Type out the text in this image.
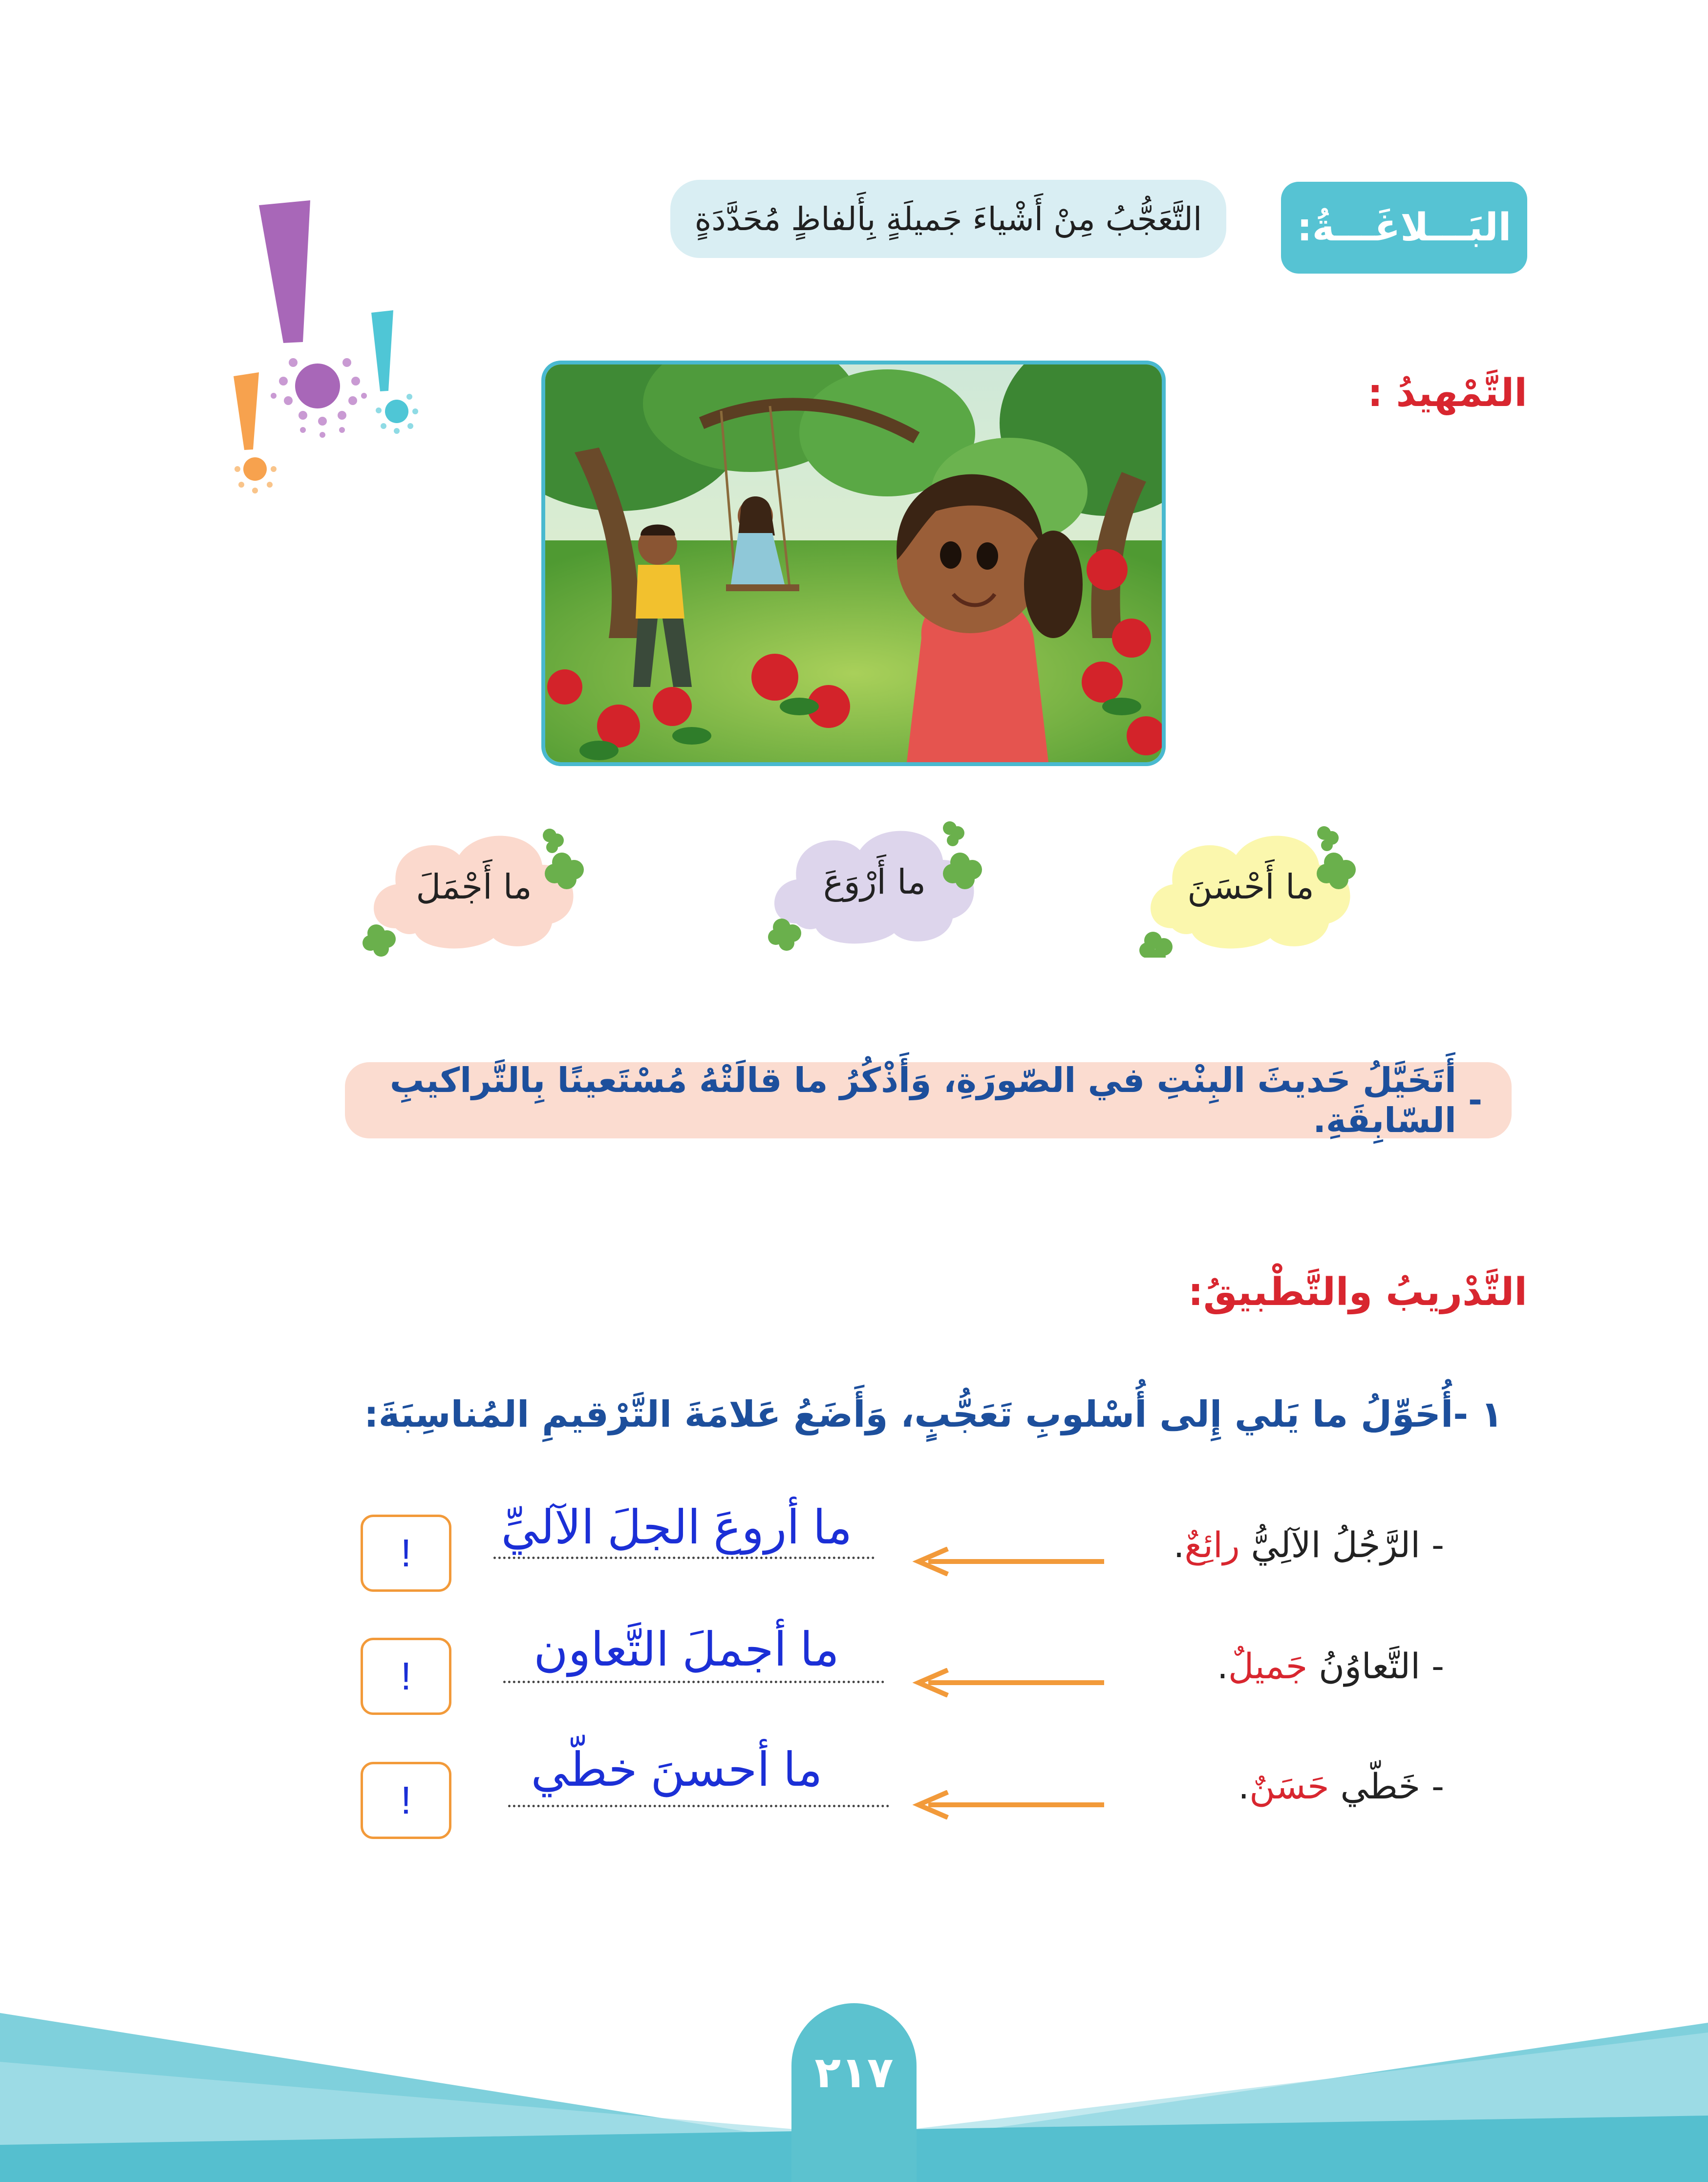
البَـــلاغَـــةُ:
التَّعَجُّبُ مِنْ أَشْياءَ جَميلَةٍ بِأَلفاظٍ مُحَدَّدَةٍ
التَّمْهيدُ :
ما أَحْسَنَ
ما أَرْوَعَ
ما أَجْمَلَ
-
أَتَخَيَّلُ حَديثَ البِنْتِ في الصّورَةِ، وَأَذْكُرُ ما قالَتْهُ مُسْتَعينًا بِالتَّراكيبِ السّابِقَةِ.
التَّدْريبُ والتَّطْبيقُ:
١ -أُحَوِّلُ ما يَلي إِلى أُسْلوبِ تَعَجُّبٍ، وَأَضَعُ عَلامَةَ التَّرْقيمِ المُناسِبَةَ:
- الرَّجُلُ الآلِيُّ رائِعٌ.
ما أروعَ الجلَ الآليِّ
!
- التَّعاوُنُ جَميلٌ.
ما أجملَ التَّعاون
!
- خَطّي حَسَنٌ.
ما أحسنَ خطّي
!
٢١٧
